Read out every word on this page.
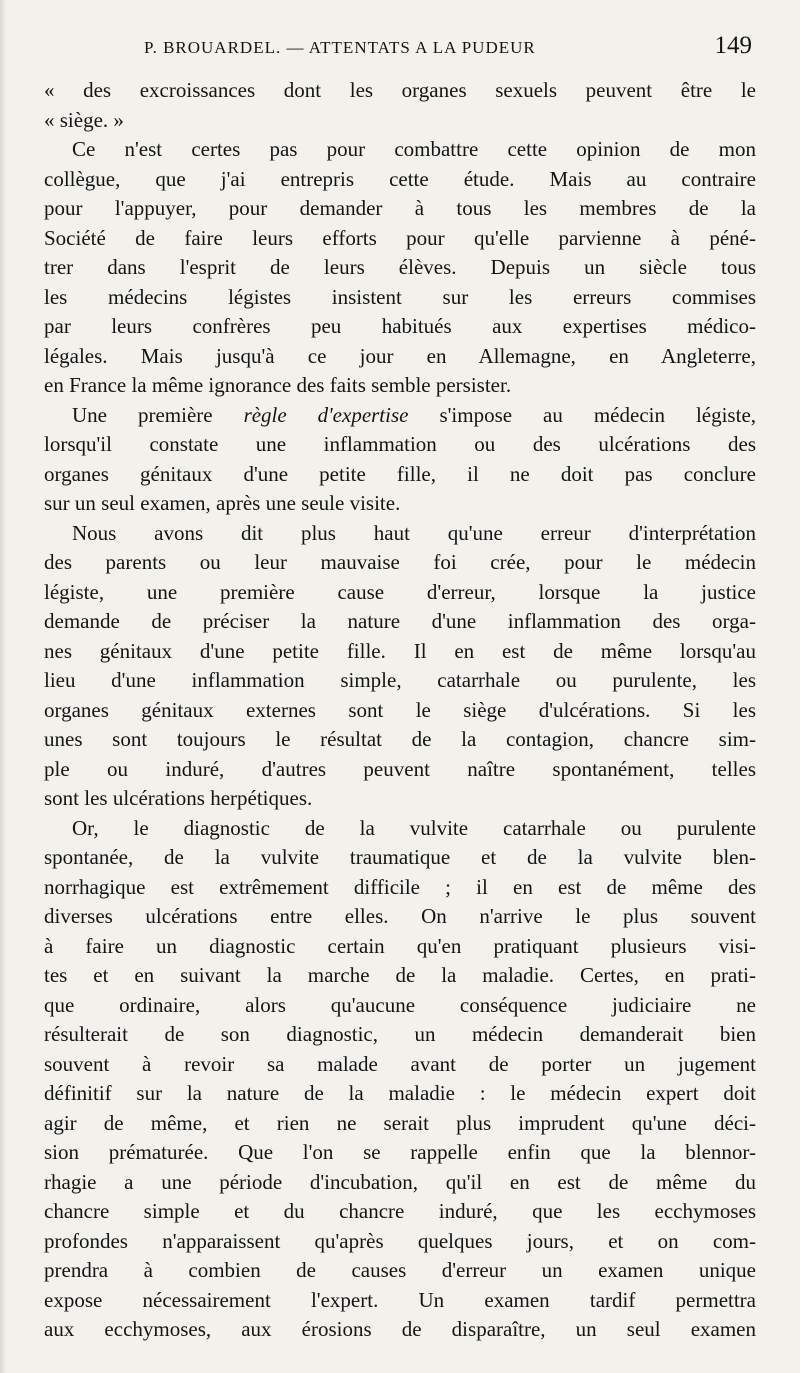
P. BROUARDEL. — ATTENTATS A LA PUDEUR	149
« des excroissances dont les organes sexuels peuvent être le
« siège. »
Ce n'est certes pas pour combattre cette opinion de mon
collègue, que j'ai entrepris cette étude. Mais au contraire
pour l'appuyer, pour demander à tous les membres de la
Société de faire leurs efforts pour qu'elle parvienne à péné-
trer dans l'esprit de leurs élèves. Depuis un siècle tous
les médecins légistes insistent sur les erreurs commises
par leurs confrères peu habitués aux expertises médico-
légales. Mais jusqu'à ce jour en Allemagne, en Angleterre,
en France la même ignorance des faits semble persister.
Une première règle d'expertise s'impose au médecin légiste,
lorsqu'il constate une inflammation ou des ulcérations des
organes génitaux d'une petite fille, il ne doit pas conclure
sur un seul examen, après une seule visite.
Nous avons dit plus haut qu'une erreur d'interprétation
des parents ou leur mauvaise foi crée, pour le médecin
légiste, une première cause d'erreur, lorsque la justice
demande de préciser la nature d'une inflammation des orga-
nes génitaux d'une petite fille. Il en est de même lorsqu'au
lieu d'une inflammation simple, catarrhale ou purulente, les
organes génitaux externes sont le siège d'ulcérations. Si les
unes sont toujours le résultat de la contagion, chancre sim-
ple ou induré, d'autres peuvent naître spontanément, telles
sont les ulcérations herpétiques.
Or, le diagnostic de la vulvite catarrhale ou purulente
spontanée, de la vulvite traumatique et de la vulvite blen-
norrhagique est extrêmement difficile ; il en est de même des
diverses ulcérations entre elles. On n'arrive le plus souvent
à faire un diagnostic certain qu'en pratiquant plusieurs visi-
tes et en suivant la marche de la maladie. Certes, en prati-
que ordinaire, alors qu'aucune conséquence judiciaire ne
résulterait de son diagnostic, un médecin demanderait bien
souvent à revoir sa malade avant de porter un jugement
définitif sur la nature de la maladie : le médecin expert doit
agir de même, et rien ne serait plus imprudent qu'une déci-
sion prématurée. Que l'on se rappelle enfin que la blennor-
rhagie a une période d'incubation, qu'il en est de même du
chancre simple et du chancre induré, que les ecchymoses
profondes n'apparaissent qu'après quelques jours, et on com-
prendra à combien de causes d'erreur un examen unique
expose nécessairement l'expert. Un examen tardif permettra
aux ecchymoses, aux érosions de disparaître, un seul examen
